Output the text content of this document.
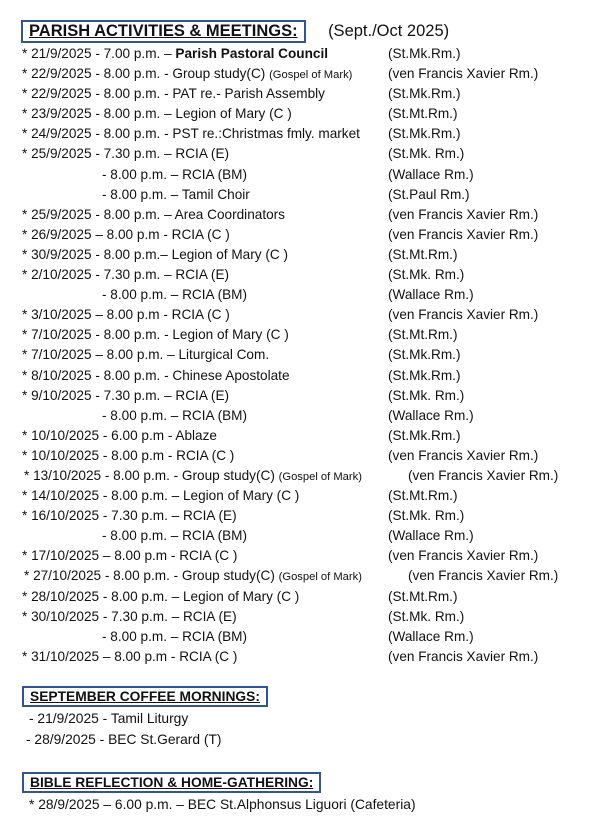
PARISH ACTIVITIES & MEETINGS: (Sept./Oct 2025)
* 21/9/2025 - 7.00 p.m. – Parish Pastoral Council	(St.Mk.Rm.)
* 22/9/2025 - 8.00 p.m. - Group study(C) (Gospel of Mark)	(ven Francis Xavier Rm.)
* 22/9/2025 - 8.00 p.m. - PAT re.- Parish Assembly	(St.Mk.Rm.)
* 23/9/2025 - 8.00 p.m. – Legion of Mary (C )	(St.Mt.Rm.)
* 24/9/2025 - 8.00 p.m. - PST re.:Christmas fmly. market (St.Mk.Rm.)
* 25/9/2025 - 7.30 p.m. – RCIA (E)	(St.Mk. Rm.)
- 8.00 p.m. – RCIA (BM)	(Wallace Rm.)
- 8.00 p.m. – Tamil Choir	(St.Paul Rm.)
* 25/9/2025 - 8.00 p.m. – Area Coordinators	(ven Francis Xavier Rm.)
* 26/9/2025 – 8.00 p.m - RCIA (C )	(ven Francis Xavier Rm.)
* 30/9/2025 - 8.00 p.m.– Legion of Mary (C )	(St.Mt.Rm.)
* 2/10/2025 - 7.30 p.m. – RCIA (E)	(St.Mk. Rm.)
- 8.00 p.m. – RCIA (BM)	(Wallace Rm.)
* 3/10/2025 – 8.00 p.m - RCIA (C )	(ven Francis Xavier Rm.)
* 7/10/2025 - 8.00 p.m. - Legion of Mary (C )	(St.Mt.Rm.)
* 7/10/2025 – 8.00 p.m. – Liturgical Com.	(St.Mk.Rm.)
* 8/10/2025 - 8.00 p.m. - Chinese Apostolate	(St.Mk.Rm.)
* 9/10/2025 - 7.30 p.m. – RCIA (E)	(St.Mk. Rm.)
- 8.00 p.m. – RCIA (BM)	(Wallace Rm.)
* 10/10/2025 - 6.00 p.m - Ablaze	(St.Mk.Rm.)
* 10/10/2025 - 8.00 p.m - RCIA (C )	(ven Francis Xavier Rm.)
* 13/10/2025 - 8.00 p.m. - Group study(C) (Gospel of Mark)	(ven Francis Xavier Rm.)
* 14/10/2025 - 8.00 p.m. – Legion of Mary (C )	(St.Mt.Rm.)
* 16/10/2025 - 7.30 p.m. – RCIA (E)	(St.Mk. Rm.)
- 8.00 p.m. – RCIA (BM)	(Wallace Rm.)
* 17/10/2025 – 8.00 p.m - RCIA (C )	(ven Francis Xavier Rm.)
* 27/10/2025 - 8.00 p.m. - Group study(C) (Gospel of Mark)	(ven Francis Xavier Rm.)
* 28/10/2025 - 8.00 p.m. – Legion of Mary (C )	(St.Mt.Rm.)
* 30/10/2025 - 7.30 p.m. – RCIA (E)	(St.Mk. Rm.)
- 8.00 p.m. – RCIA (BM)	(Wallace Rm.)
* 31/10/2025 – 8.00 p.m - RCIA (C )	(ven Francis Xavier Rm.)
SEPTEMBER COFFEE MORNINGS:
- 21/9/2025 - Tamil Liturgy
- 28/9/2025 - BEC St.Gerard (T)
BIBLE REFLECTION & HOME-GATHERING:
* 28/9/2025 – 6.00 p.m. – BEC St.Alphonsus Liguori (Cafeteria)
